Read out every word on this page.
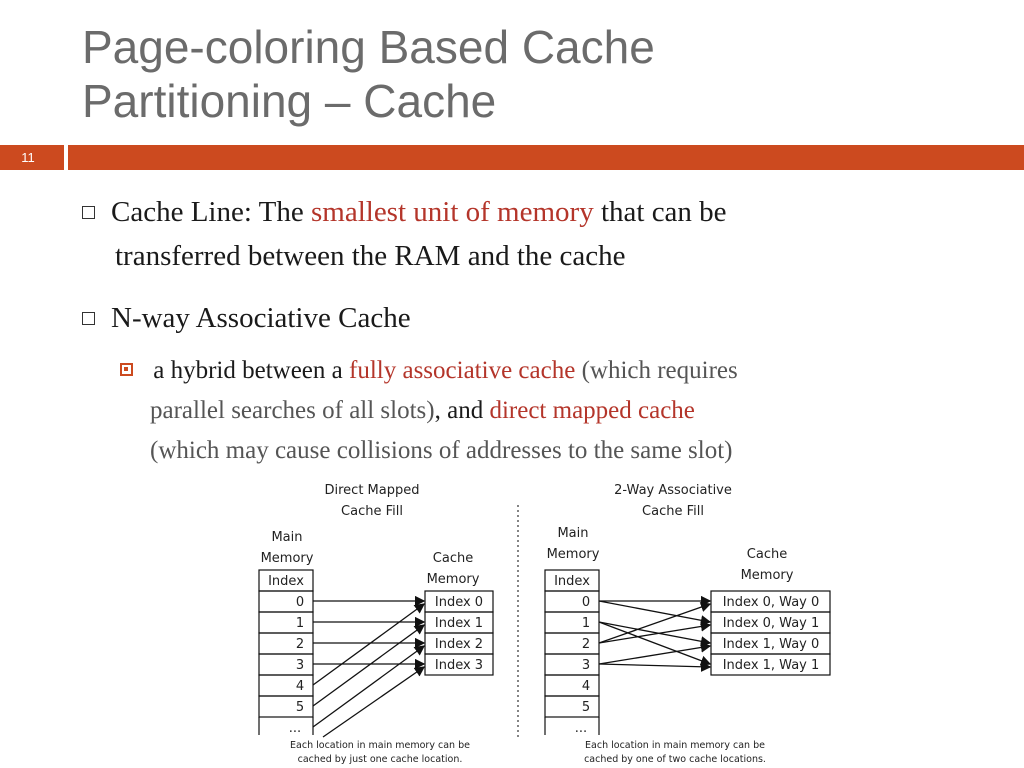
Page-coloring Based Cache
Partitioning – Cache
11
Cache Line: The smallest unit of memory that can be
transferred between the RAM and the cache
N-way Associative Cache
a hybrid between a fully associative cache (which requires
parallel searches of all slots), and direct mapped cache
(which may cause collisions of addresses to the same slot)
Direct Mapped
Cache Fill
Main
Memory	Cache
Memory
Index
0
1
2
3
4
5
...
Index 0
Index 1
Index 2
Index 3
Each location in main memory can be
cached by just one cache location.
2-Way Associative
Cache Fill
Main
Memory	Cache
Memory
Index
0
1
2
3
4
5
...
Index 0, Way 0
Index 0, Way 1
Index 1, Way 0
Index 1, Way 1
Each location in main memory can be
cached by one of two cache locations.
